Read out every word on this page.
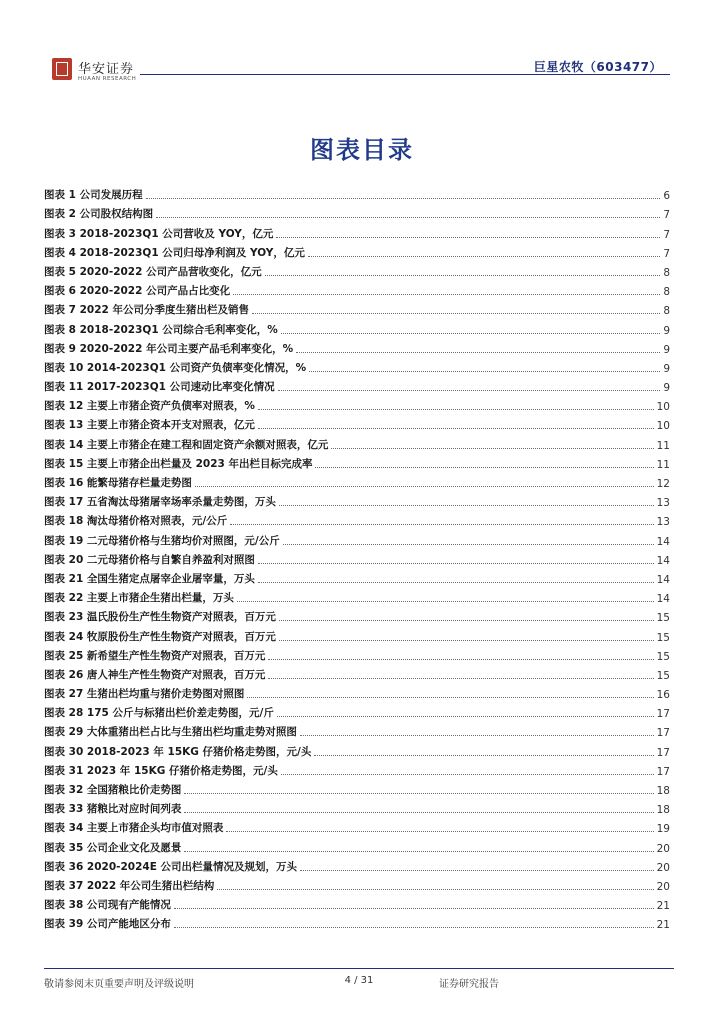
华安证券
HUAAN RESEARCH
巨星农牧（603477）
图表目录
图表 1 公司发展历程	6
图表 2 公司股权结构图	7
图表 3 2018-2023Q1 公司营收及 YOY，亿元	7
图表 4 2018-2023Q1 公司归母净利润及 YOY，亿元	7
图表 5 2020-2022 公司产品营收变化，亿元	8
图表 6 2020-2022 公司产品占比变化	8
图表 7 2022 年公司分季度生猪出栏及销售	8
图表 8 2018-2023Q1 公司综合毛利率变化，%	9
图表 9 2020-2022 年公司主要产品毛利率变化，%	9
图表 10 2014-2023Q1 公司资产负债率变化情况，%	9
图表 11 2017-2023Q1 公司速动比率变化情况	9
图表 12 主要上市猪企资产负债率对照表，%	10
图表 13 主要上市猪企资本开支对照表，亿元	10
图表 14 主要上市猪企在建工程和固定资产余额对照表，亿元	11
图表 15 主要上市猪企出栏量及 2023 年出栏目标完成率	11
图表 16 能繁母猪存栏量走势图	12
图表 17 五省淘汰母猪屠宰场率杀量走势图，万头	13
图表 18 淘汰母猪价格对照表，元/公斤	13
图表 19 二元母猪价格与生猪均价对照图，元/公斤	14
图表 20 二元母猪价格与自繁自养盈利对照图	14
图表 21 全国生猪定点屠宰企业屠宰量，万头	14
图表 22 主要上市猪企生猪出栏量，万头	14
图表 23 温氏股份生产性生物资产对照表，百万元	15
图表 24 牧原股份生产性生物资产对照表，百万元	15
图表 25 新希望生产性生物资产对照表，百万元	15
图表 26 唐人神生产性生物资产对照表，百万元	15
图表 27 生猪出栏均重与猪价走势图对照图	16
图表 28 175 公斤与标猪出栏价差走势图，元/斤	17
图表 29 大体重猪出栏占比与生猪出栏均重走势对照图	17
图表 30 2018-2023 年 15KG 仔猪价格走势图，元/头	17
图表 31 2023 年 15KG 仔猪价格走势图，元/头	17
图表 32 全国猪粮比价走势图	18
图表 33 猪粮比对应时间列表	18
图表 34 主要上市猪企头均市值对照表	19
图表 35 公司企业文化及愿景	20
图表 36 2020-2024E 公司出栏量情况及规划，万头	20
图表 37 2022 年公司生猪出栏结构	20
图表 38 公司现有产能情况	21
图表 39 公司产能地区分布	21
敬请参阅末页重要声明及评级说明	4 / 31	证券研究报告
